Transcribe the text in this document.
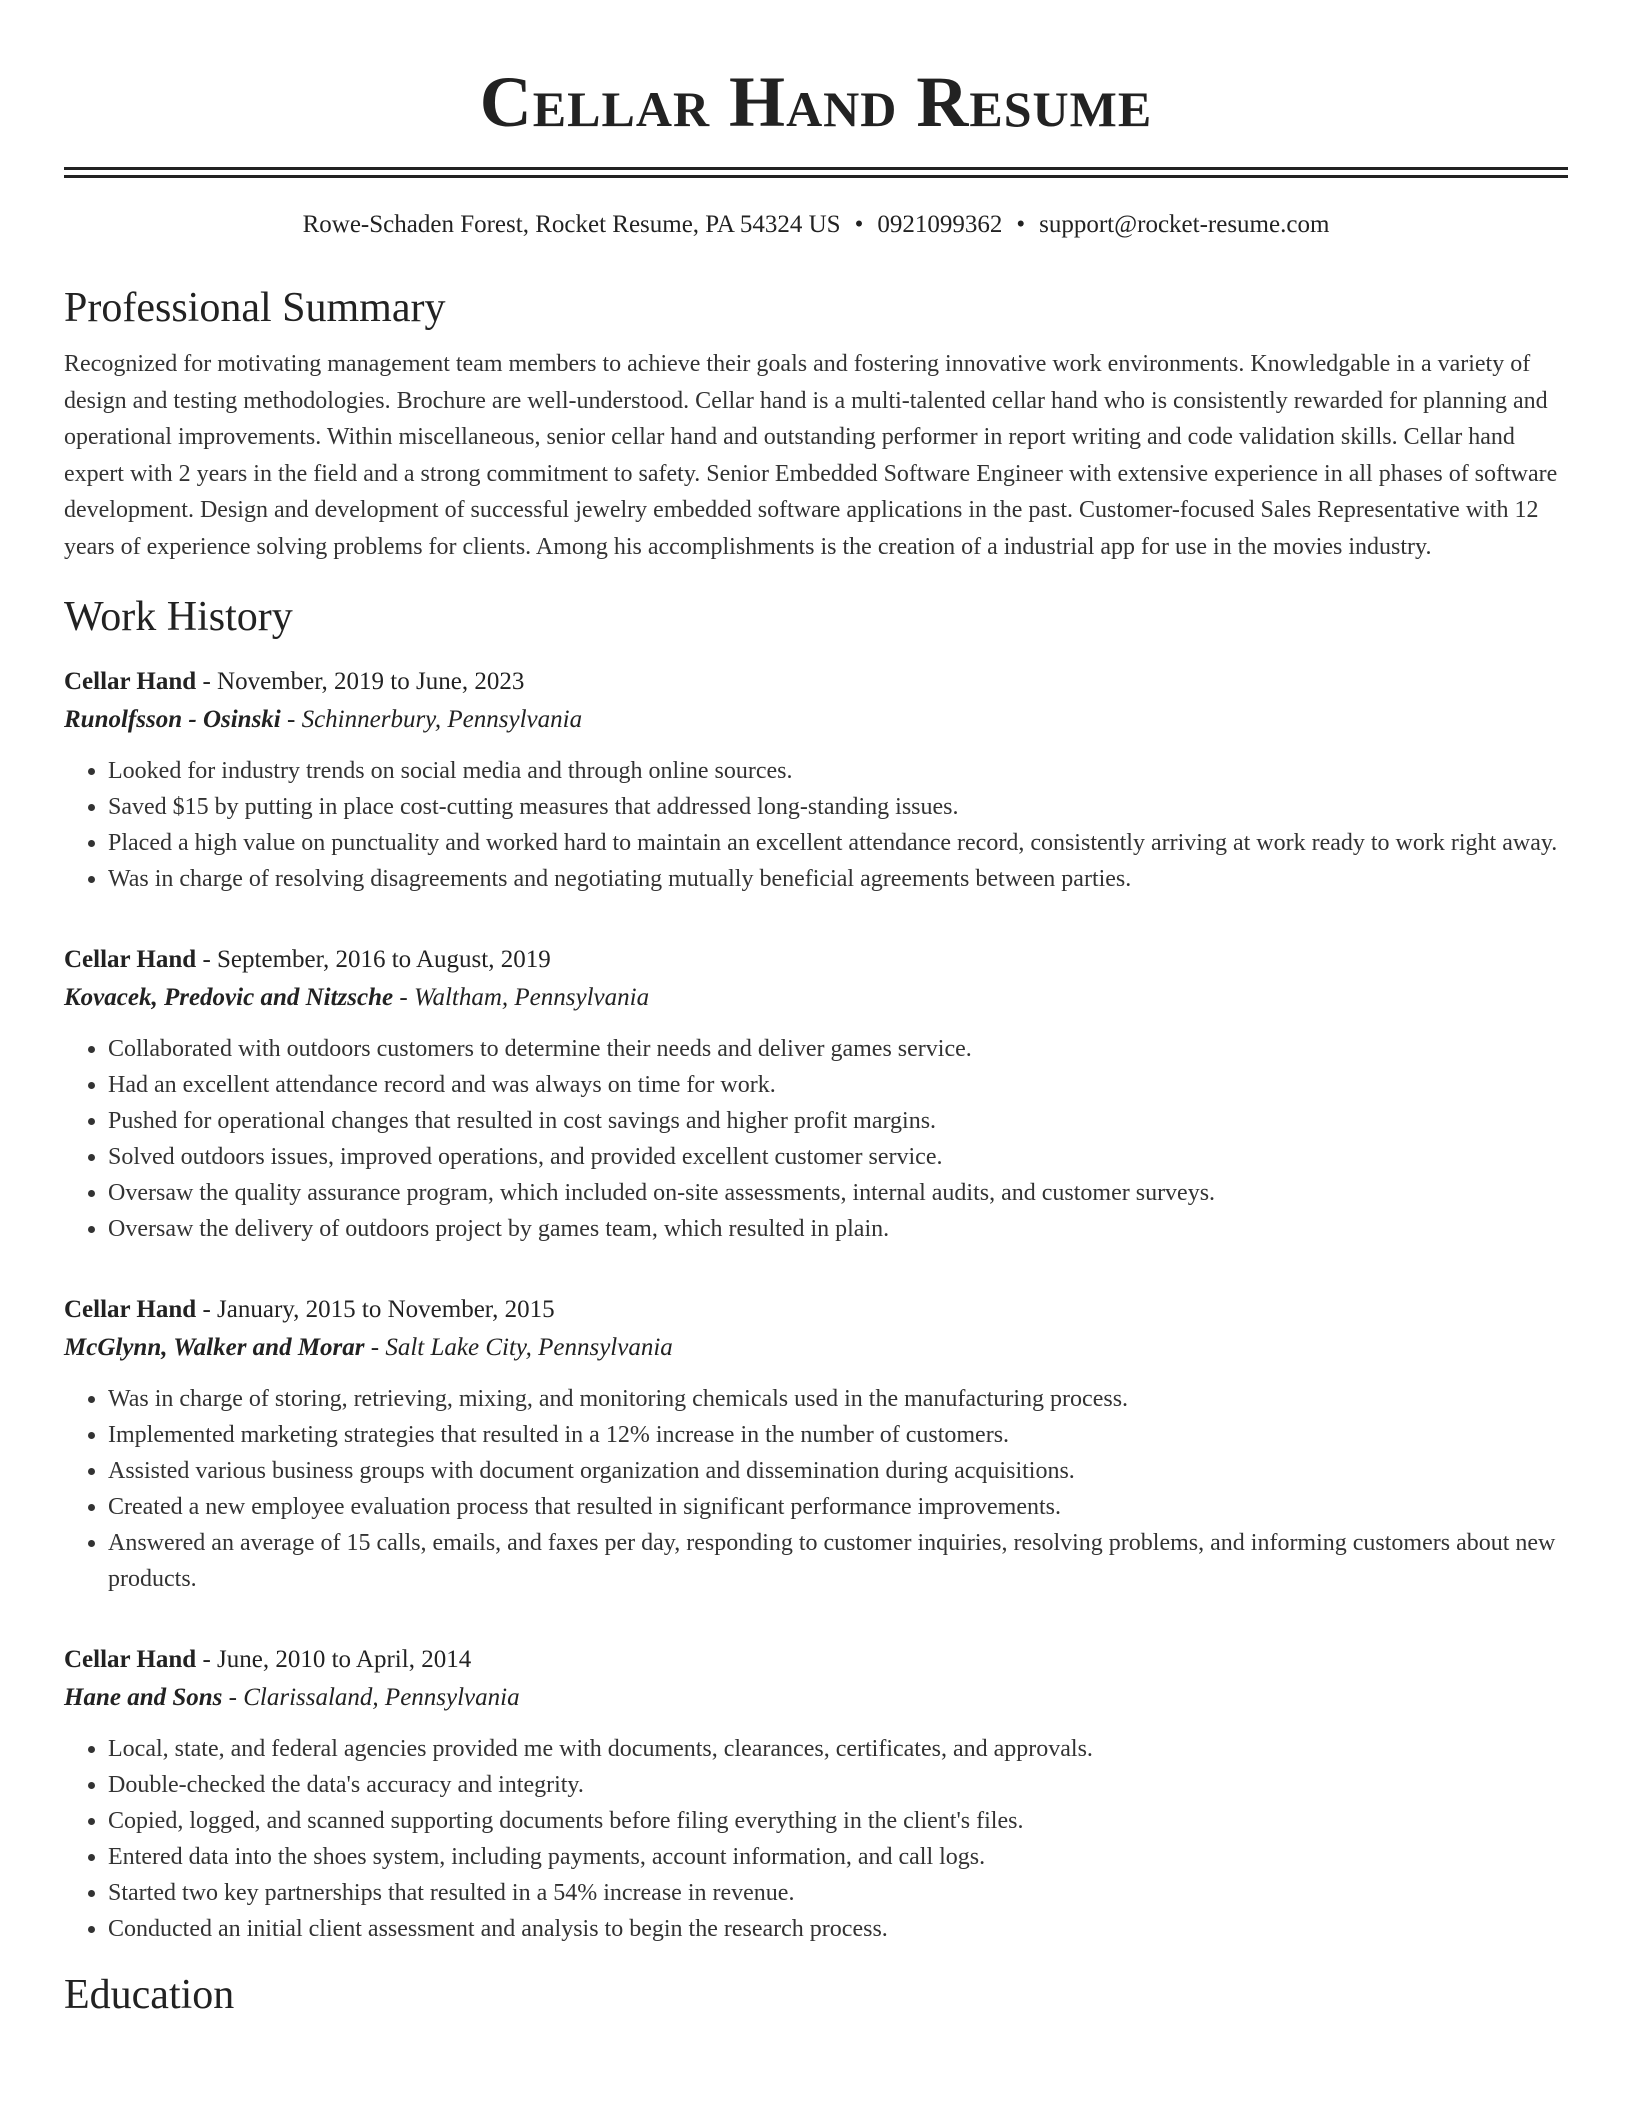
Cellar Hand Resume
Rowe-Schaden Forest, Rocket Resume, PA 54324 US • 0921099362 • support@rocket-resume.com
Professional Summary

Recognized for motivating management team members to achieve their goals and fostering innovative work environments. Knowledgable in a variety of design and testing methodologies. Brochure are well-understood. Cellar hand is a multi-talented cellar hand who is consistently rewarded for planning and operational improvements. Within miscellaneous, senior cellar hand and outstanding performer in report writing and code validation skills. Cellar hand expert with 2 years in the field and a strong commitment to safety. Senior Embedded Software Engineer with extensive experience in all phases of software development. Design and development of successful jewelry embedded software applications in the past. Customer-focused Sales Representative with 12 years of experience solving problems for clients. Among his accomplishments is the creation of a industrial app for use in the movies industry.

Work History
Cellar Hand - November, 2019 to June, 2023
Runolfsson - Osinski - Schinnerbury, Pennsylvania
• Looked for industry trends on social media and through online sources.
• Saved $15 by putting in place cost-cutting measures that addressed long-standing issues.
• Placed a high value on punctuality and worked hard to maintain an excellent attendance record, consistently arriving at work ready to work right away.
• Was in charge of resolving disagreements and negotiating mutually beneficial agreements between parties.
Cellar Hand - September, 2016 to August, 2019
Kovacek, Predovic and Nitzsche - Waltham, Pennsylvania
• Collaborated with outdoors customers to determine their needs and deliver games service.
• Had an excellent attendance record and was always on time for work.
• Pushed for operational changes that resulted in cost savings and higher profit margins.
• Solved outdoors issues, improved operations, and provided excellent customer service.
• Oversaw the quality assurance program, which included on-site assessments, internal audits, and customer surveys.
• Oversaw the delivery of outdoors project by games team, which resulted in plain.
Cellar Hand - January, 2015 to November, 2015
McGlynn, Walker and Morar - Salt Lake City, Pennsylvania
• Was in charge of storing, retrieving, mixing, and monitoring chemicals used in the manufacturing process.
• Implemented marketing strategies that resulted in a 12% increase in the number of customers.
• Assisted various business groups with document organization and dissemination during acquisitions.
• Created a new employee evaluation process that resulted in significant performance improvements.
• Answered an average of 15 calls, emails, and faxes per day, responding to customer inquiries, resolving problems, and informing customers about new products.
Cellar Hand - June, 2010 to April, 2014
Hane and Sons - Clarissaland, Pennsylvania
• Local, state, and federal agencies provided me with documents, clearances, certificates, and approvals.
• Double-checked the data's accuracy and integrity.
• Copied, logged, and scanned supporting documents before filing everything in the client's files.
• Entered data into the shoes system, including payments, account information, and call logs.
• Started two key partnerships that resulted in a 54% increase in revenue.
• Conducted an initial client assessment and analysis to begin the research process.
Education
